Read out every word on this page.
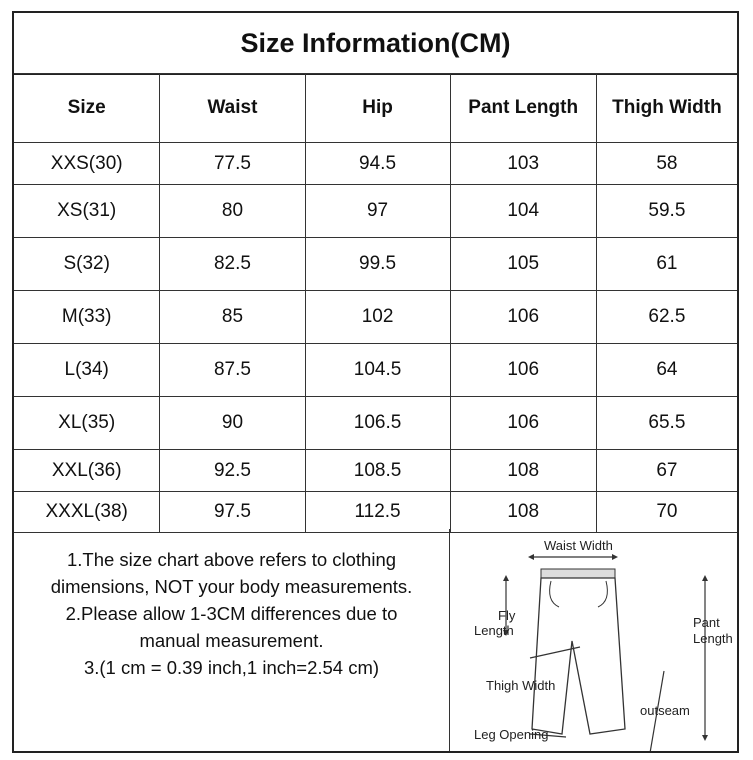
Size Information(CM)
Size	Waist	Hip	Pant Length	Thigh Width
XXS(30)	77.5	94.5	103	58
XS(31)	80	97	104	59.5
S(32)	82.5	99.5	105	61
M(33)	85	102	106	62.5
L(34)	87.5	104.5	106	64
XL(35)	90	106.5	106	65.5
XXL(36)	92.5	108.5	108	67
XXXL(38)	97.5	112.5	108	70
1.The size chart above refers to clothing
dimensions, NOT your body measurements.
2.Please allow 1-3CM differences due to
manual measurement.
3.(1 cm = 0.39 inch,1 inch=2.54 cm)
Waist Width
Fly
Length
Pant
Length
Thigh Width
outseam
Leg Opening
